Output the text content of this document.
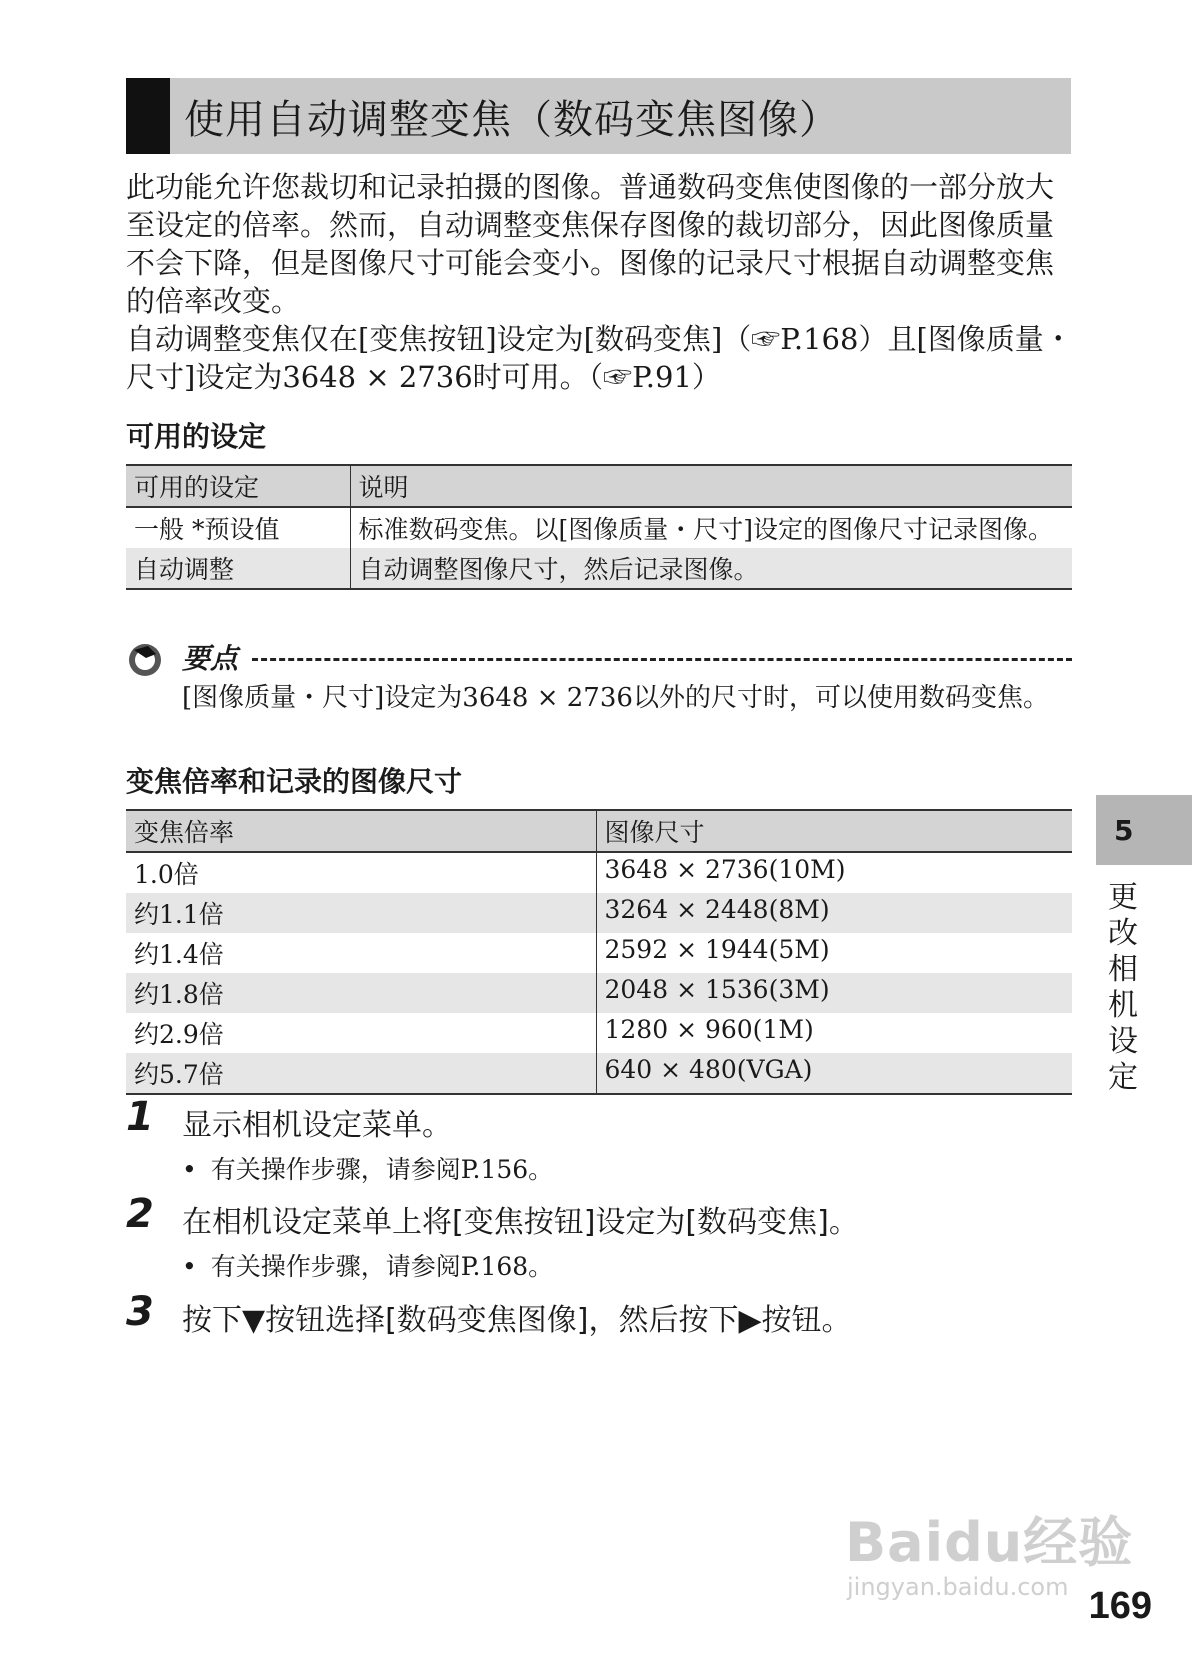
使用自动调整变焦（数码变焦图像）

此功能允许您裁切和记录拍摄的图像。普通数码变焦使图像的一部分放大至设定的倍率。然而，自动调整变焦保存图像的裁切部分，因此图像质量不会下降，但是图像尺寸可能会变小。图像的记录尺寸根据自动调整变焦的倍率改变。

自动调整变焦仅在[变焦按钮]设定为[数码变焦]（☞P.168）且[图像质量・尺寸]设定为3648 × 2736时可用。（☞P.91）

可用的设定
可用的设定	说明
一般 *预设值	标准数码变焦。以[图像质量・尺寸]设定的图像尺寸记录图像。
自动调整	自动调整图像尺寸，然后记录图像。
要点
[图像质量・尺寸]设定为3648 × 2736以外的尺寸时，可以使用数码变焦。
变焦倍率和记录的图像尺寸
变焦倍率	图像尺寸
1.0倍	3648 × 2736(10M)
约1.1倍	3264 × 2448(8M)
约1.4倍	2592 × 1944(5M)
约1.8倍	2048 × 1536(3M)
约2.9倍	1280 × 960(1M)
约5.7倍	640 × 480(VGA)
1 显示相机设定菜单。
• 有关操作步骤，请参阅P.156。
2 在相机设定菜单上将[变焦按钮]设定为[数码变焦]。
• 有关操作步骤，请参阅P.168。
3 按下▼按钮选择[数码变焦图像]，然后按下▶按钮。
5
更改相机设定
Baidu经验
jingyan.baidu.com 169
